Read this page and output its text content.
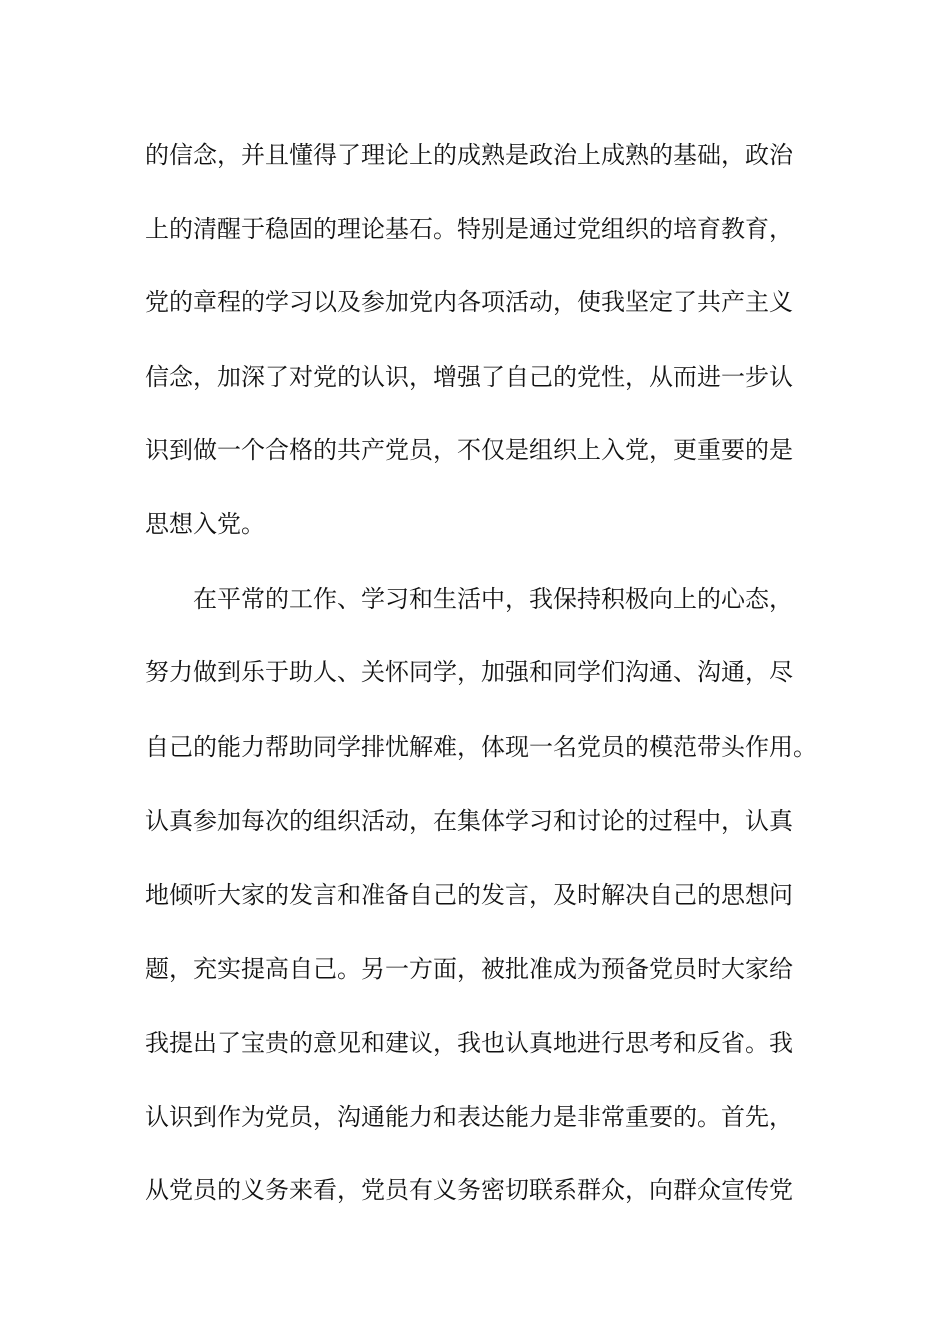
的信念，并且懂得了理论上的成熟是政治上成熟的基础，政治
上的清醒于稳固的理论基石。特别是通过党组织的培育教育，
党的章程的学习以及参加党内各项活动，使我坚定了共产主义
信念，加深了对党的认识，增强了自己的党性，从而进一步认
识到做一个合格的共产党员，不仅是组织上入党，更重要的是
思想入党。
在平常的工作、学习和生活中，我保持积极向上的心态，
努力做到乐于助人、关怀同学，加强和同学们沟通、沟通，尽
自己的能力帮助同学排忧解难，体现一名党员的模范带头作用。
认真参加每次的组织活动，在集体学习和讨论的过程中，认真
地倾听大家的发言和准备自己的发言，及时解决自己的思想问
题，充实提高自己。另一方面，被批准成为预备党员时大家给
我提出了宝贵的意见和建议，我也认真地进行思考和反省。我
认识到作为党员，沟通能力和表达能力是非常重要的。首先，
从党员的义务来看，党员有义务密切联系群众，向群众宣传党
